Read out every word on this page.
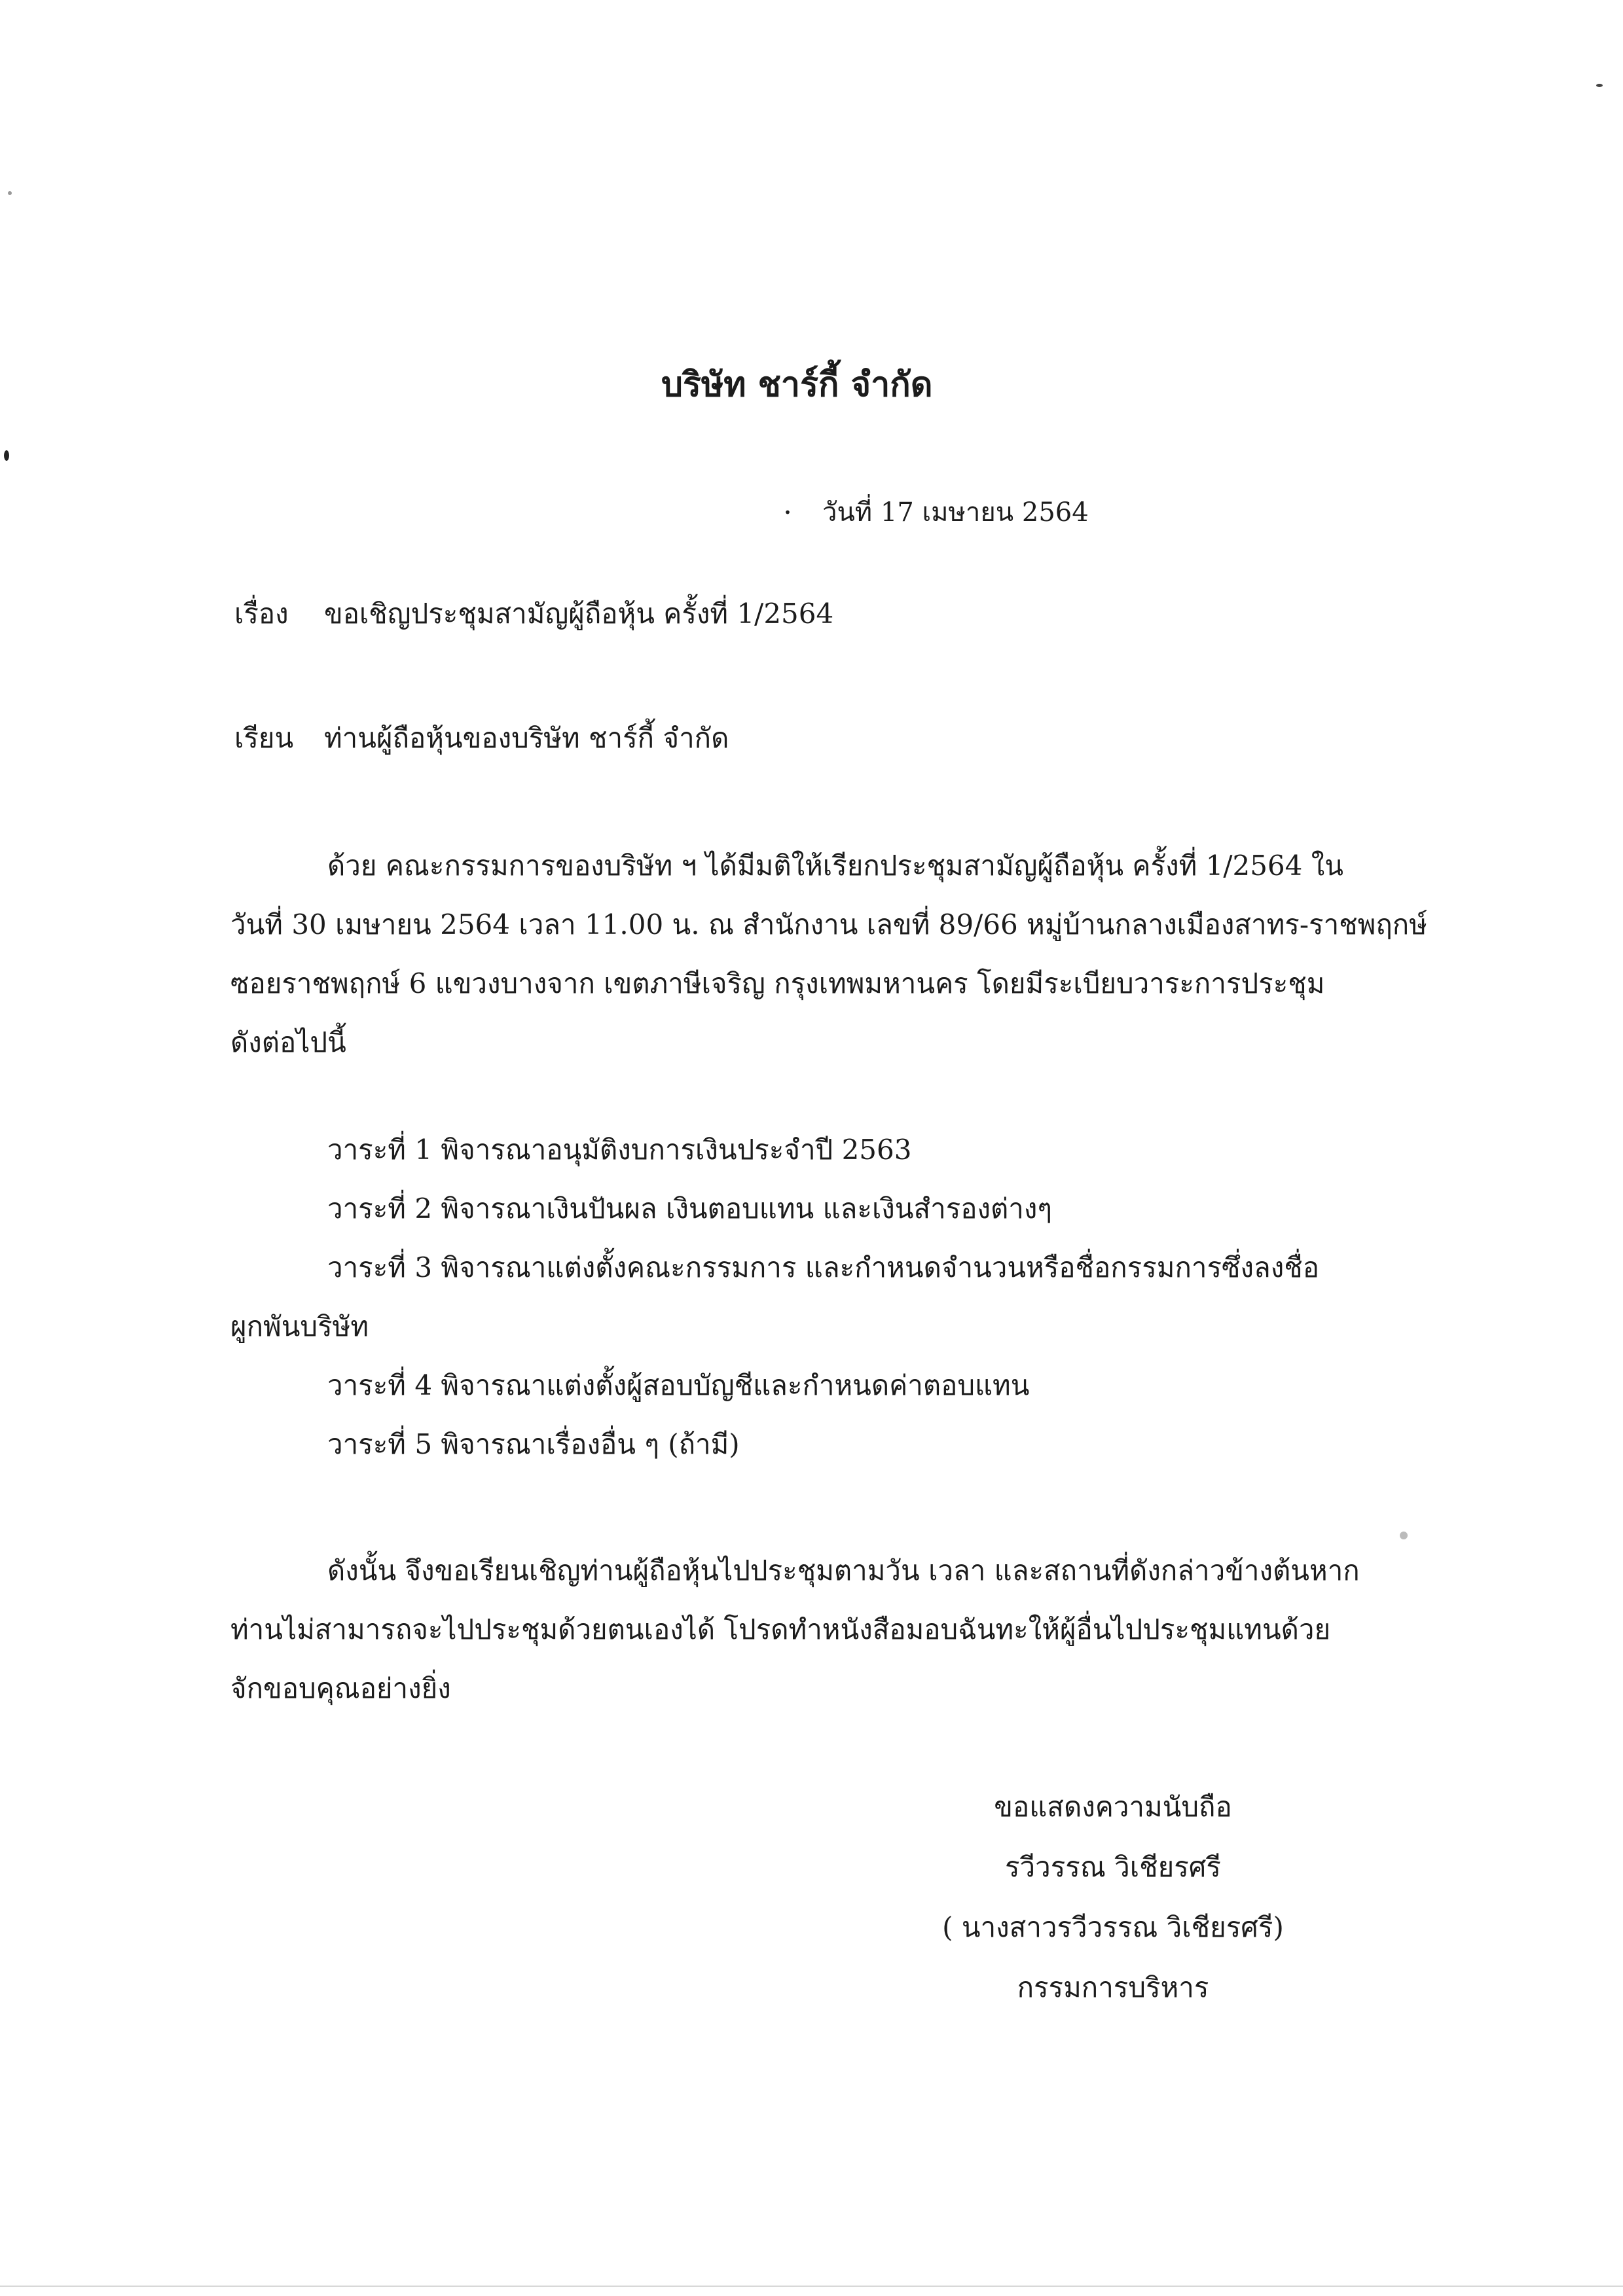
บริษัท ชาร์กี้ จำกัด
. วันที่ 17 เมษายน 2564
เรื่อง ขอเชิญประชุมสามัญผู้ถือหุ้น ครั้งที่ 1/2564
เรียน ท่านผู้ถือหุ้นของบริษัท ชาร์กี้ จำกัด
ด้วย คณะกรรมการของบริษัท ฯ ได้มีมติให้เรียกประชุมสามัญผู้ถือหุ้น ครั้งที่ 1/2564 ใน
วันที่ 30 เมษายน 2564 เวลา 11.00 น. ณ สำนักงาน เลขที่ 89/66 หมู่บ้านกลางเมืองสาทร-ราชพฤกษ์
ซอยราชพฤกษ์ 6 แขวงบางจาก เขตภาษีเจริญ กรุงเทพมหานคร โดยมีระเบียบวาระการประชุม
ดังต่อไปนี้
วาระที่ 1 พิจารณาอนุมัติงบการเงินประจำปี 2563
วาระที่ 2 พิจารณาเงินปันผล เงินตอบแทน และเงินสำรองต่างๆ
วาระที่ 3 พิจารณาแต่งตั้งคณะกรรมการ และกำหนดจำนวนหรือชื่อกรรมการซึ่งลงชื่อ
ผูกพันบริษัท
วาระที่ 4 พิจารณาแต่งตั้งผู้สอบบัญชีและกำหนดค่าตอบแทน
วาระที่ 5 พิจารณาเรื่องอื่น ๆ (ถ้ามี)
ดังนั้น จึงขอเรียนเชิญท่านผู้ถือหุ้นไปประชุมตามวัน เวลา และสถานที่ดังกล่าวข้างต้นหาก
ท่านไม่สามารถจะไปประชุมด้วยตนเองได้ โปรดทำหนังสือมอบฉันทะให้ผู้อื่นไปประชุมแทนด้วย
จักขอบคุณอย่างยิ่ง
ขอแสดงความนับถือ
รวีวรรณ วิเชียรศรี
( นางสาวรวีวรรณ วิเชียรศรี)
กรรมการบริหาร
